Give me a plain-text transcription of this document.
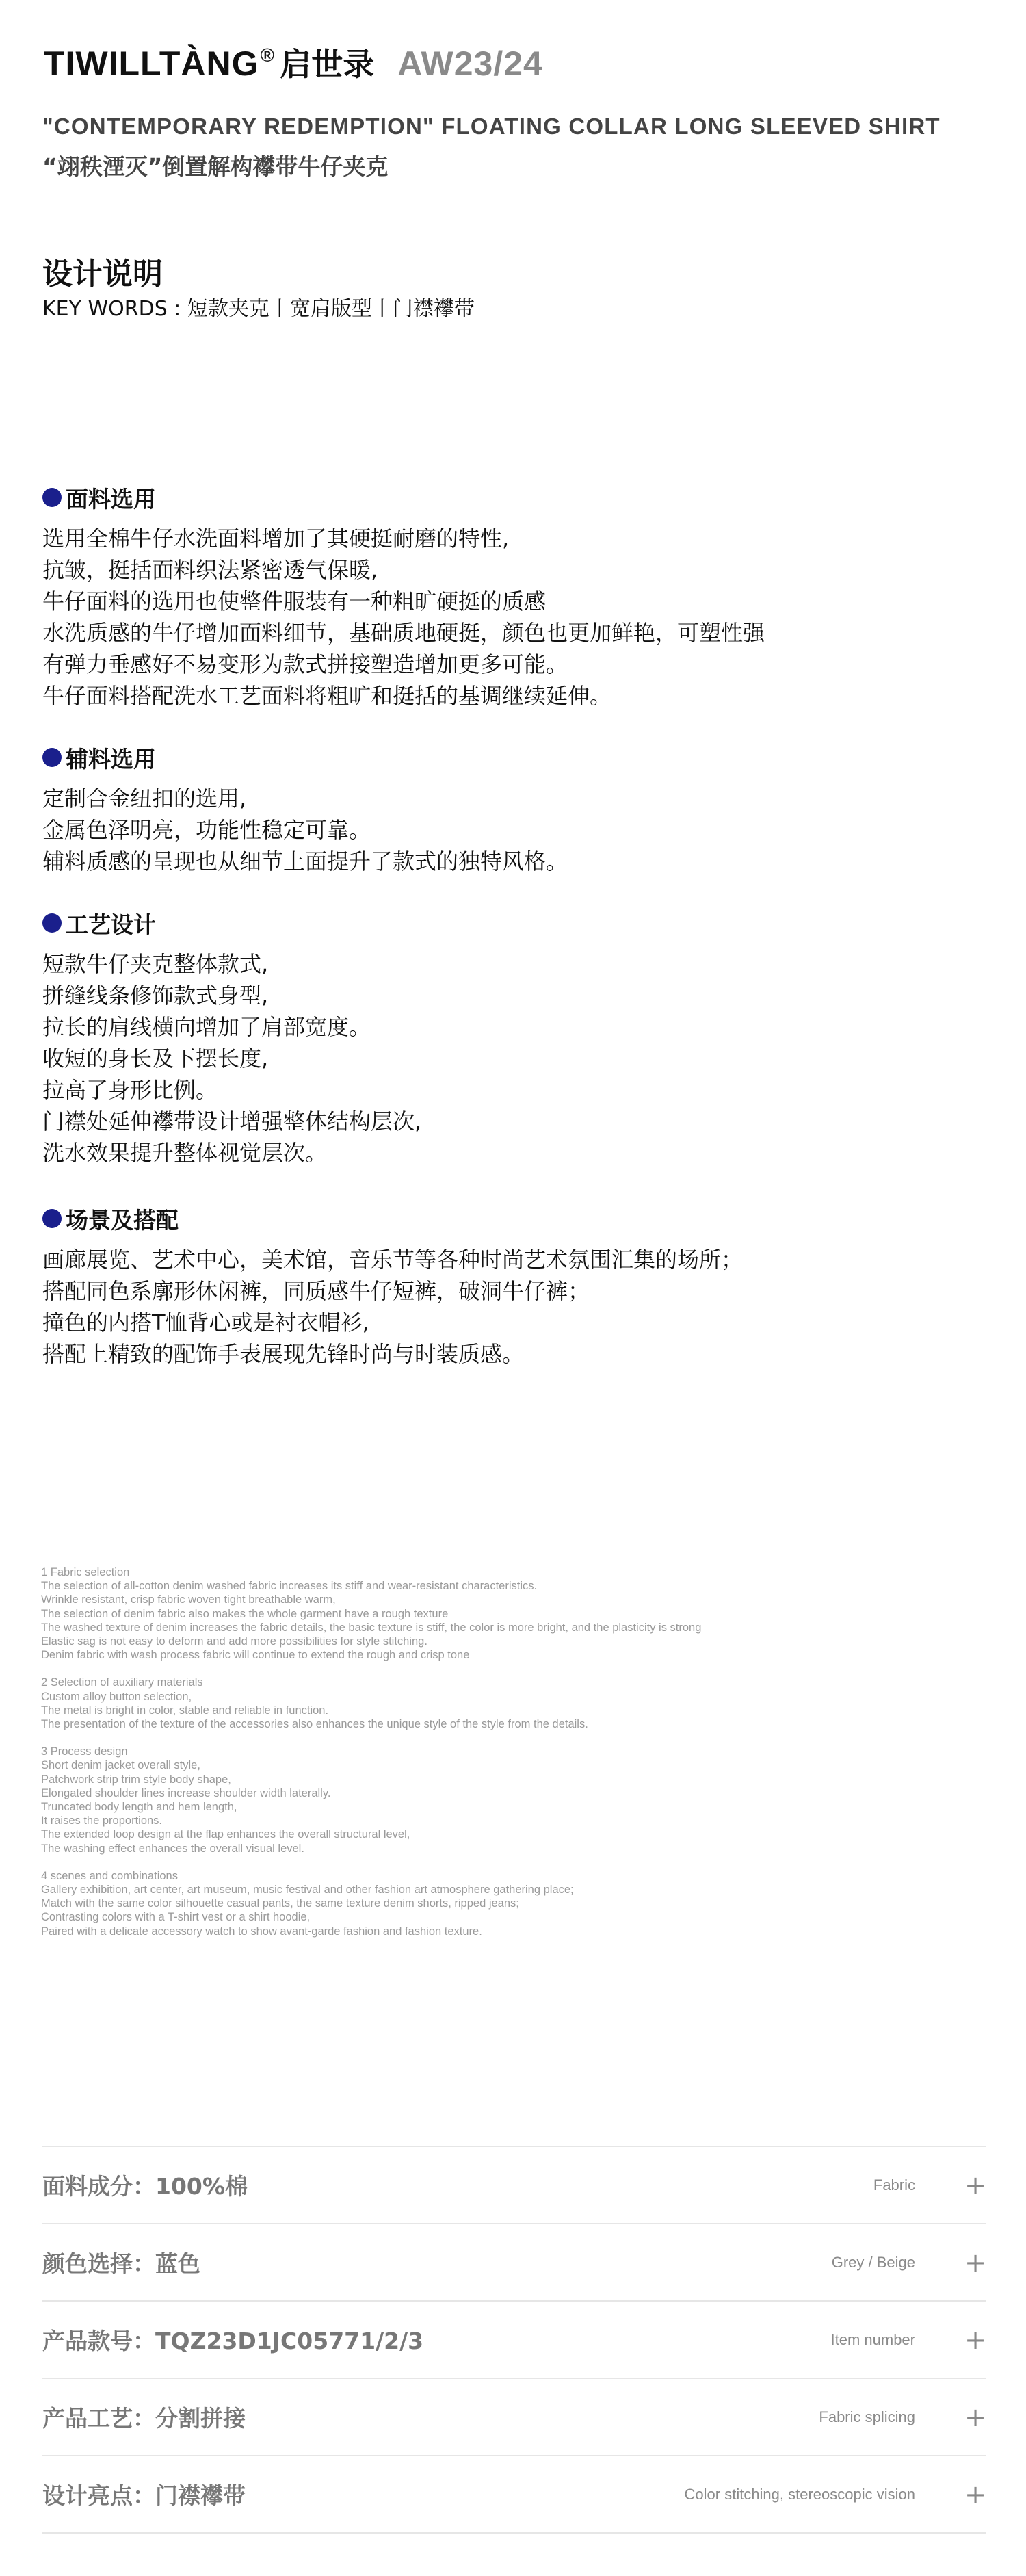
TIWILLTÀNG ® 启世录 AW23/24
"CONTEMPORARY REDEMPTION" FLOATING COLLAR LONG SLEEVED SHIRT
“翊秩湮灭”倒置解构襻带牛仔夹克
设计说明
KEY WORDS : 短款夹克丨宽肩版型丨门襟襻带
面料选用
选用全棉牛仔水洗面料增加了其硬挺耐磨的特性,
抗皱，挺括面料织法紧密透气保暖,
牛仔面料的选用也使整件服装有一种粗旷硬挺的质感
水洗质感的牛仔增加面料细节，基础质地硬挺，颜色也更加鲜艳，可塑性强
有弹力垂感好不易变形为款式拼接塑造增加更多可能。
牛仔面料搭配洗水工艺面料将粗旷和挺括的基调继续延伸。
辅料选用
定制合金纽扣的选用,
金属色泽明亮，功能性稳定可靠。
辅料质感的呈现也从细节上面提升了款式的独特风格。
工艺设计
短款牛仔夹克整体款式,
拼缝线条修饰款式身型,
拉长的肩线横向增加了肩部宽度。
收短的身长及下摆长度,
拉高了身形比例。
门襟处延伸襻带设计增强整体结构层次,
洗水效果提升整体视觉层次。
场景及搭配
画廊展览、艺术中心，美术馆，音乐节等各种时尚艺术氛围汇集的场所；
搭配同色系廓形休闲裤，同质感牛仔短裤，破洞牛仔裤；
撞色的内搭T恤背心或是衬衣帽衫,
搭配上精致的配饰手表展现先锋时尚与时装质感。
1 Fabric selection
The selection of all-cotton denim washed fabric increases its stiff and wear-resistant characteristics.
Wrinkle resistant, crisp fabric woven tight breathable warm,
The selection of denim fabric also makes the whole garment have a rough texture
The washed texture of denim increases the fabric details, the basic texture is stiff, the color is more bright, and the plasticity is strong
Elastic sag is not easy to deform and add more possibilities for style stitching.
Denim fabric with wash process fabric will continue to extend the rough and crisp tone
2 Selection of auxiliary materials
Custom alloy button selection,
The metal is bright in color, stable and reliable in function.
The presentation of the texture of the accessories also enhances the unique style of the style from the details.
3 Process design
Short denim jacket overall style,
Patchwork strip trim style body shape,
Elongated shoulder lines increase shoulder width laterally.
Truncated body length and hem length,
It raises the proportions.
The extended loop design at the flap enhances the overall structural level,
The washing effect enhances the overall visual level.
4 scenes and combinations
Gallery exhibition, art center, art museum, music festival and other fashion art atmosphere gathering place;
Match with the same color silhouette casual pants, the same texture denim shorts, ripped jeans;
Contrasting colors with a T-shirt vest or a shirt hoodie,
Paired with a delicate accessory watch to show avant-garde fashion and fashion texture.
面料成分：100%棉	Fabric +
颜色选择：蓝色	Grey / Beige +
产品款号：TQZ23D1JC05771/2/3	Item number +
产品工艺：分割拼接	Fabric splicing +
设计亮点：门襟襻带	Color stitching, stereoscopic vision +
